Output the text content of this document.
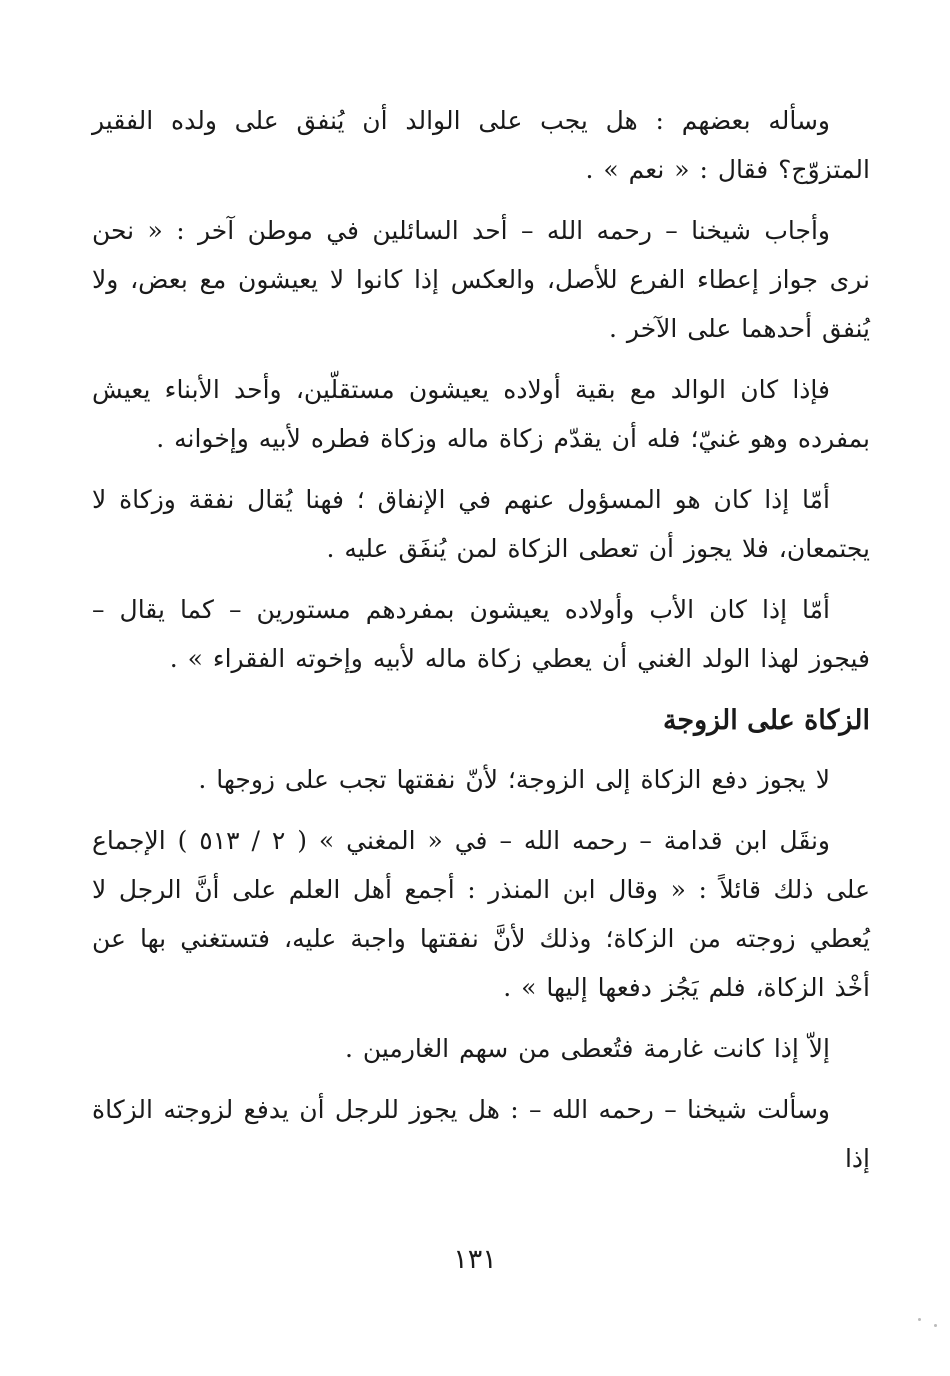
وسأله بعضهم : هل يجب على الوالد أن يُنفق على ولده الفقير المتزوّج؟ فقال : « نعم » .

وأجاب شيخنا – رحمه الله – أحد السائلين في موطن آخر : « نحن نرى جواز إعطاء الفرع للأصل، والعكس إذا كانوا لا يعيشون مع بعض، ولا يُنفق أحدهما على الآخر .

فإذا كان الوالد مع بقية أولاده يعيشون مستقلّين، وأحد الأبناء يعيش بمفرده وهو غنيّ؛ فله أن يقدّم زكاة ماله وزكاة فطره لأبيه وإخوانه .

أمّا إذا كان هو المسؤول عنهم في الإنفاق ؛ فهنا يُقال نفقة وزكاة لا يجتمعان، فلا يجوز أن تعطى الزكاة لمن يُنفَق عليه .

أمّا إذا كان الأب وأولاده يعيشون بمفردهم مستورين – كما يقال – فيجوز لهذا الولد الغني أن يعطي زكاة ماله لأبيه وإخوته الفقراء » .

الزكاة على الزوجة

لا يجوز دفع الزكاة إلى الزوجة؛ لأنّ نفقتها تجب على زوجها .

ونقَل ابن قدامة – رحمه الله – في « المغني » ( ٢ / ٥١٣ ) الإجماع على ذلك قائلاً : « وقال ابن المنذر : أجمع أهل العلم على أنَّ الرجل لا يُعطي زوجته من الزكاة؛ وذلك لأنَّ نفقتها واجبة عليه، فتستغني بها عن أخْذ الزكاة، فلم يَجُز دفعها إليها » .

إلاّ إذا كانت غارمة فتُعطى من سهم الغارمين .

وسألت شيخنا – رحمه الله – : هل يجوز للرجل أن يدفع لزوجته الزكاة إذا

١٣١
